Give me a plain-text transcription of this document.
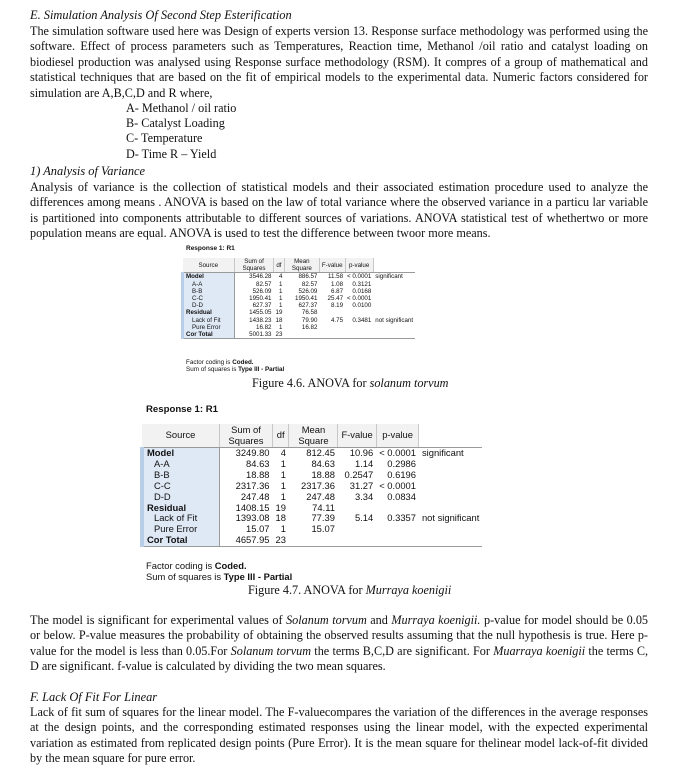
E. Simulation Analysis Of Second Step Esterification
The simulation software used here was Design of experts version 13. Response surface methodology was performed using the software. Effect of process parameters such as Temperatures, Reaction time, Methanol /oil ratio and catalyst loading on biodiesel production was analysed using Response surface methodology (RSM). It compres of a group of mathematical and statistical techniques that are based on the fit of empirical models to the experimental data. Numeric factors considered for simulation are A,B,C,D and R where,
A- Methanol / oil ratio
B- Catalyst Loading
C- Temperature
D- Time R – Yield
1) Analysis of Variance
Analysis of variance is the collection of statistical models and their associated estimation procedure used to analyze the differences among means . ANOVA is based on the law of total variance where the observed variance in a particu lar variable is partitioned into components attributable to different sources of variations. ANOVA statistical test of whethertwo or more population means are equal. ANOVA is used to test the difference between twoor more means.
Response 1: R1
Source	Sum of Squares	df	Mean Square	F-value	p-value	
Model	3546.28	4	886.57	11.58	< 0.0001	significant
A-A	82.57	1	82.57	1.08	0.3121	
B-B	526.09	1	526.09	6.87	0.0168	
C-C	1950.41	1	1950.41	25.47	< 0.0001	
D-D	627.37	1	627.37	8.19	0.0100	
Residual	1455.05	19	76.58			
Lack of Fit	1438.23	18	79.90	4.75	0.3481	not significant
Pure Error	16.82	1	16.82			
Cor Total	5001.33	23				
Factor coding is Coded.
Sum of squares is Type III - Partial
Figure 4.6. ANOVA for solanum torvum
Response 1: R1
Source	Sum of Squares	df	Mean Square	F-value	p-value	
Model	3249.80	4	812.45	10.96	< 0.0001	significant
A-A	84.63	1	84.63	1.14	0.2986	
B-B	18.88	1	18.88	0.2547	0.6196	
C-C	2317.36	1	2317.36	31.27	< 0.0001	
D-D	247.48	1	247.48	3.34	0.0834	
Residual	1408.15	19	74.11			
Lack of Fit	1393.08	18	77.39	5.14	0.3357	not significant
Pure Error	15.07	1	15.07			
Cor Total	4657.95	23				
Factor coding is Coded.
Sum of squares is Type III - Partial
Figure 4.7. ANOVA for Murraya koenigii
The model is significant for experimental values of Solanum torvum and Murraya koenigii. p-value for model should be 0.05 or below. P-value measures the probability of obtaining the observed results assuming that the null hypothesis is true. Here p- value for the model is less than 0.05.For Solanum torvum the terms B,C,D are significant. For Muarraya koenigii the terms C, D are significant. f-value is calculated by dividing the two mean squares.
F. Lack Of Fit For Linear
Lack of fit sum of squares for the linear model. The F-valuecompares the variation of the differences in the average responses at the design points, and the corresponding estimated responses using the linear model, with the expected experimental variation as estimated from replicated design points (Pure Error). It is the mean square for thelinear model lack-of-fit divided by the mean square for pure error.
